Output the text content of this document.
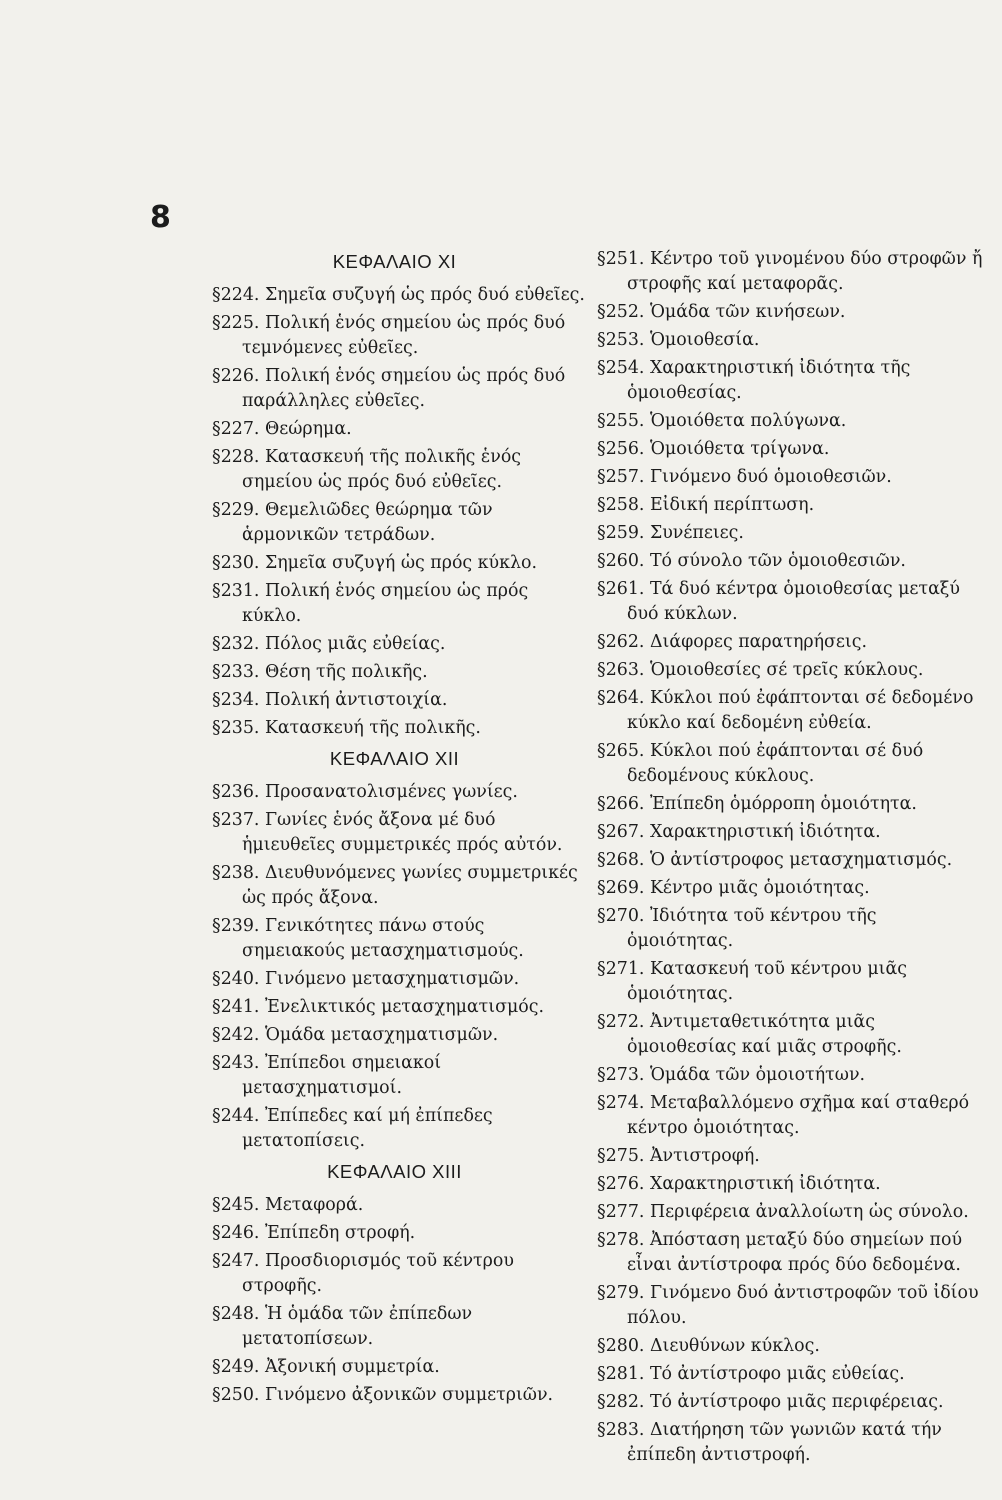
8

ΚΕΦΑΛΑΙΟ XI

§224. Σημεῖα συζυγή ὡς πρός δυό εὐθεῖες.

§225. Πολική ἑνός σημείου ὡς πρός δυό τεμνόμενες εὐθεῖες.

§226. Πολική ἑνός σημείου ὡς πρός δυό παράλληλες εὐθεῖες.

§227. Θεώρημα.

§228. Κατασκευή τῆς πολικῆς ἑνός σημείου ὡς πρός δυό εὐθεῖες.

§229. Θεμελιῶδες θεώρημα τῶν ἁρμονικῶν τετράδων.

§230. Σημεῖα συζυγή ὡς πρός κύκλο.

§231. Πολική ἑνός σημείου ὡς πρός κύκλο.

§232. Πόλος μιᾶς εὐθείας.

§233. Θέση τῆς πολικῆς.

§234. Πολική ἀντιστοιχία.

§235. Κατασκευή τῆς πολικῆς.

ΚΕΦΑΛΑΙΟ XII

§236. Προσανατολισμένες γωνίες.

§237. Γωνίες ἑνός ἄξονα μέ δυό ἡμιευθεῖες συμμετρικές πρός αὐτόν.

§238. Διευθυνόμενες γωνίες συμμετρικές ὡς πρός ἄξονα.

§239. Γενικότητες πάνω στούς σημειακούς μετασχηματισμούς.

§240. Γινόμενο μετασχηματισμῶν.

§241. Ἐνελικτικός μετασχηματισμός.

§242. Ὁμάδα μετασχηματισμῶν.

§243. Ἐπίπεδοι σημειακοί μετασχηματισμοί.

§244. Ἐπίπεδες καί μή ἐπίπεδες μετατοπίσεις.

ΚΕΦΑΛΑΙΟ XIII

§245. Μεταφορά.

§246. Ἐπίπεδη στροφή.

§247. Προσδιορισμός τοῦ κέντρου στροφῆς.

§248. Ἡ ὁμάδα τῶν ἐπίπεδων μετατοπίσεων.

§249. Ἀξονική συμμετρία.

§250. Γινόμενο ἀξονικῶν συμμετριῶν.

§251. Κέντρο τοῦ γινομένου δύο στροφῶν ἤ στροφῆς καί μεταφορᾶς.

§252. Ὁμάδα τῶν κινήσεων.

§253. Ὁμοιοθεσία.

§254. Χαρακτηριστική ἰδιότητα τῆς ὁμοιοθεσίας.

§255. Ὁμοιόθετα πολύγωνα.

§256. Ὁμοιόθετα τρίγωνα.

§257. Γινόμενο δυό ὁμοιοθεσιῶν.

§258. Εἰδική περίπτωση.

§259. Συνέπειες.

§260. Τό σύνολο τῶν ὁμοιοθεσιῶν.

§261. Τά δυό κέντρα ὁμοιοθεσίας μεταξύ δυό κύκλων.

§262. Διάφορες παρατηρήσεις.

§263. Ὁμοιοθεσίες σέ τρεῖς κύκλους.

§264. Κύκλοι πού ἐφάπτονται σέ δεδομένο κύκλο καί δεδομένη εὐθεία.

§265. Κύκλοι πού ἐφάπτονται σέ δυό δεδομένους κύκλους.

§266. Ἐπίπεδη ὁμόρροπη ὁμοιότητα.

§267. Χαρακτηριστική ἰδιότητα.

§268. Ὁ ἀντίστροφος μετασχηματισμός.

§269. Κέντρο μιᾶς ὁμοιότητας.

§270. Ἰδιότητα τοῦ κέντρου τῆς ὁμοιότητας.

§271. Κατασκευή τοῦ κέντρου μιᾶς ὁμοιότητας.

§272. Ἀντιμεταθετικότητα μιᾶς ὁμοιοθεσίας καί μιᾶς στροφῆς.

§273. Ὁμάδα τῶν ὁμοιοτήτων.

§274. Μεταβαλλόμενο σχῆμα καί σταθερό κέντρο ὁμοιότητας.

§275. Ἀντιστροφή.

§276. Χαρακτηριστική ἰδιότητα.

§277. Περιφέρεια ἀναλλοίωτη ὡς σύνολο.

§278. Ἀπόσταση μεταξύ δύο σημείων πού εἶναι ἀντίστροφα πρός δύο δεδομένα.

§279. Γινόμενο δυό ἀντιστροφῶν τοῦ ἰδίου πόλου.

§280. Διευθύνων κύκλος.

§281. Τό ἀντίστροφο μιᾶς εὐθείας.

§282. Τό ἀντίστροφο μιᾶς περιφέρειας.

§283. Διατήρηση τῶν γωνιῶν κατά τήν ἐπίπεδη ἀντιστροφή.
